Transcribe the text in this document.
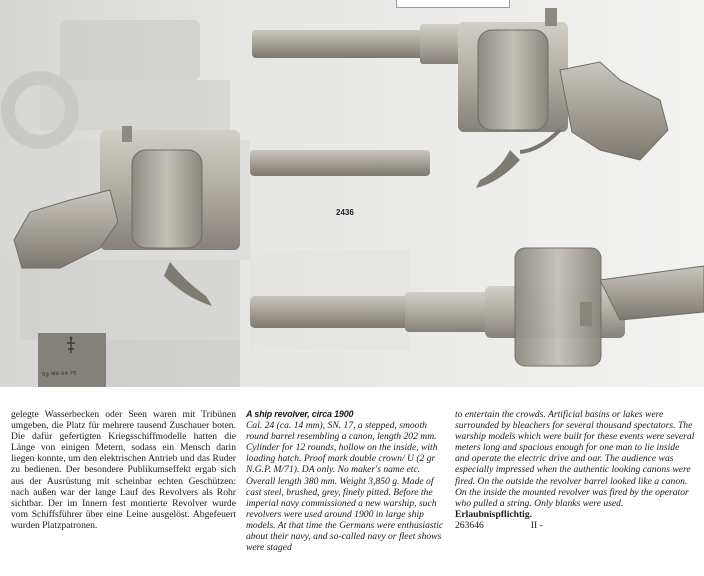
2436
Sg·M6·64·70

gelegte Wasserbecken oder Seen waren mit Tribünen umgeben, die Platz für mehrere tausend Zuschauer boten. Die dafür gefertigten Kriegsschiffmodelle hatten die Länge von einigen Metern, sodass ein Mensch darin liegen konnte, um den elektrischen Antrieb und das Ruder zu bedienen. Der besondere Publikumseffekt ergab sich aus der Ausrüstung mit scheinbar echten Geschützen: nach außen war der lange Lauf des Revolvers als Rohr sichtbar. Der im Innern fest montierte Revolver wurde vom Schiffsführer über eine Leine ausgelöst. Abgefeuert wurden Platzpatronen.

A ship revolver, circa 1900

Cal. 24 (ca. 14 mm), SN. 17, a stepped, smooth round barrel resembling a canon, length 202 mm. Cylinder for 12 rounds, hollow on the inside, with loading hatch. Proof mark double crown/ U (2 gr N.G.P. M/71). DA only. No maker's name etc. Overall length 380 mm. Weight 3,850 g. Made of cast steel, brushed, grey, finely pitted. Before the imperial navy commissioned a new warship, such revolvers were used around 1900 in large ship models. At that time the Germans were enthusiastic about their navy, and so-called navy or fleet shows were staged

to entertain the crowds. Artificial basins or lakes were surrounded by bleachers for several thousand spectators. The warship models which were built for these events were several meters long and spacious enough for one man to lie inside and operate the electric drive and oar. The audience was especially impressed when the authentic looking canons were fired. On the outside the revolver barrel looked like a canon. On the inside the mounted revolver was fired by the operator who pulled a string. Only blanks were used.

Erlaubnispflichtig.
263646	II -
